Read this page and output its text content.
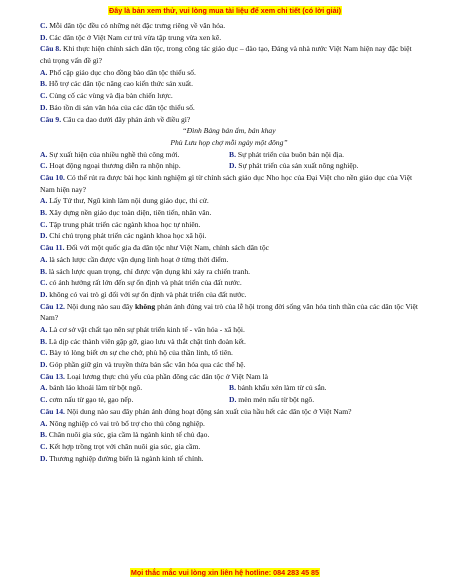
Đây là bản xem thử, vui lòng mua tài liệu để xem chi tiết (có lời giải)
C. Mỗi dân tộc đều có những nét đặc trưng riêng về văn hóa.
D. Các dân tộc ở Việt Nam cư trú vừa tập trung vừa xen kẽ.
Câu 8. Khi thực hiện chính sách dân tộc, trong công tác giáo dục – đào tạo, Đảng và nhà nước Việt Nam hiện nay đặc biệt chú trọng vấn đề gì?
A. Phổ cập giáo dục cho đồng bào dân tộc thiểu số.
B. Hỗ trợ các dân tộc nâng cao kiến thức sản xuất.
C. Củng cố các vùng và địa bàn chiến lược.
D. Bảo tồn di sản văn hóa của các dân tộc thiểu số.
Câu 9. Câu ca dao dưới đây phản ánh về điều gì?
“Đình Bảng bán ấm, bán khay
Phù Lưu họp chợ mỗi ngày một đông”
A. Sự xuất hiện của nhiều nghề thủ công mới.	B. Sự phát triển của buôn bán nội địa.
C. Hoạt động ngoại thương diễn ra nhộn nhịp.	D. Sự phát triển của sản xuất nông nghiệp.
Câu 10. Có thể rút ra được bài học kinh nghiệm gì từ chính sách giáo dục Nho học của Đại Việt cho nền giáo dục của Việt Nam hiện nay?
A. Lấy Tứ thư, Ngũ kinh làm nội dung giáo dục, thi cử.
B. Xây dựng nền giáo dục toàn diện, tiên tiến, nhân văn.
C. Tập trung phát triển các ngành khoa học tự nhiên.
D. Chỉ chú trọng phát triển các ngành khoa học xã hội.
Câu 11. Đối với một quốc gia đa dân tộc như Việt Nam, chính sách dân tộc
A. là sách lược cần được vận dụng linh hoạt ở từng thời điểm.
B. là sách lược quan trọng, chỉ được vận dụng khi xảy ra chiến tranh.
C. có ảnh hưởng rất lớn đến sự ổn định và phát triển của đất nước.
D. không có vai trò gì đối với sự ổn định và phát triển của đất nước.
Câu 12. Nội dung nào sau đây không phản ánh đúng vai trò của lễ hội trong đời sống văn hóa tinh thần của các dân tộc Việt Nam?
A. Là cơ sở vật chất tạo nên sự phát triển kinh tế - văn hóa - xã hội.
B. Là dịp các thành viên gặp gỡ, giao lưu và thắt chặt tình đoàn kết.
C. Bày tỏ lòng biết ơn sự che chở, phù hộ của thần linh, tổ tiên.
D. Góp phần giữ gìn và truyền thừa bản sắc văn hóa qua các thế hệ.
Câu 13. Loại lương thực chủ yếu của phần đông các dân tộc ở Việt Nam là
A. bánh láo khoái làm từ bột ngô.	B. bánh khẩu xén làm từ củ sắn.
C. cơm nấu từ gạo tẻ, gạo nếp.	D. mèn mén nấu từ bột ngô.
Câu 14. Nội dung nào sau đây phản ánh đúng hoạt động sản xuất của hầu hết các dân tộc ở Việt Nam?
A. Nông nghiệp có vai trò bổ trợ cho thủ công nghiệp.
B. Chăn nuôi gia súc, gia cầm là ngành kinh tế chủ đạo.
C. Kết hợp trồng trọt với chăn nuôi gia súc, gia cầm.
D. Thương nghiệp đường biển là ngành kinh tế chính.
Mọi thắc mắc vui lòng xin liên hệ hotline: 084 283 45 85
